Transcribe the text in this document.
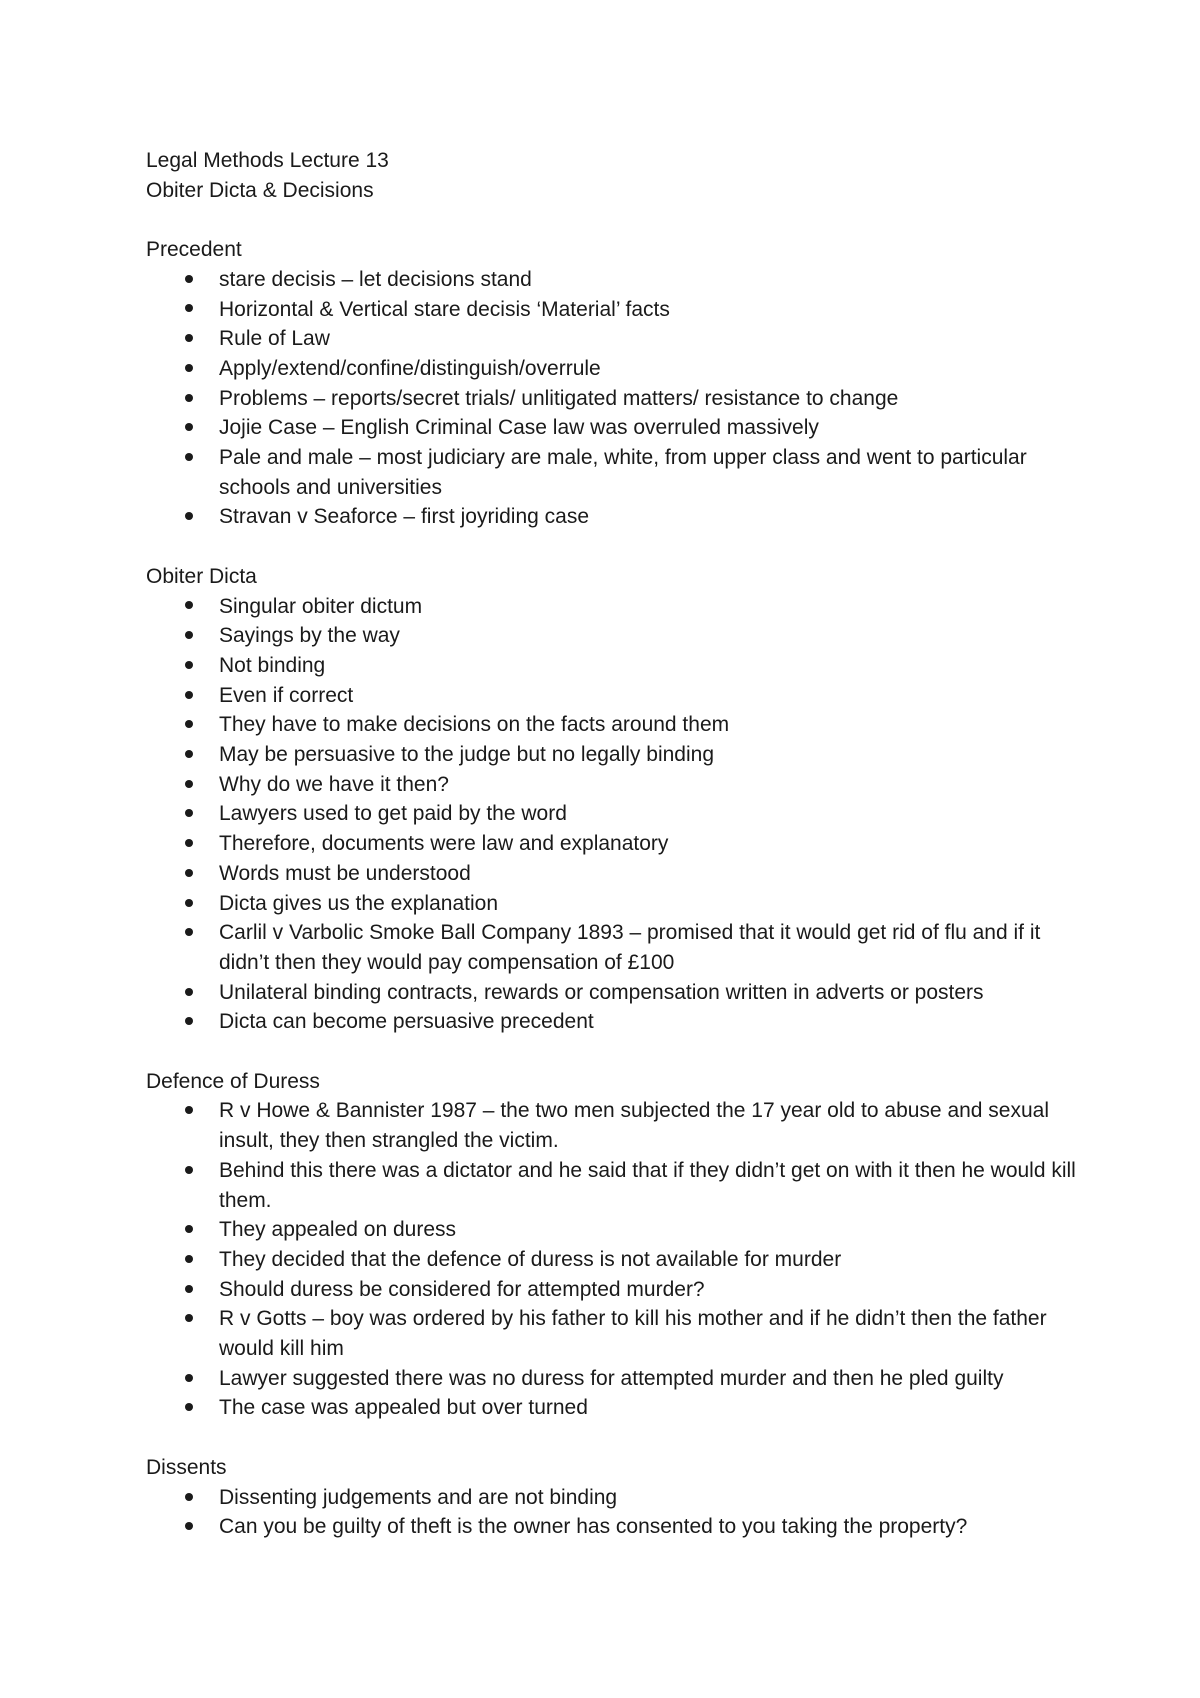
Legal Methods Lecture 13

Obiter Dicta & Decisions

Precedent

stare decisis – let decisions stand
Horizontal & Vertical stare decisis ‘Material’ facts
Rule of Law
Apply/extend/confine/distinguish/overrule
Problems – reports/secret trials/ unlitigated matters/ resistance to change
Jojie Case – English Criminal Case law was overruled massively
Pale and male – most judiciary are male, white, from upper class and went to particular schools and universities
Stravan v Seaforce – first joyriding case

Obiter Dicta

Singular obiter dictum
Sayings by the way
Not binding
Even if correct
They have to make decisions on the facts around them
May be persuasive to the judge but no legally binding
Why do we have it then?
Lawyers used to get paid by the word
Therefore, documents were law and explanatory
Words must be understood
Dicta gives us the explanation
Carlil v Varbolic Smoke Ball Company 1893 – promised that it would get rid of flu and if it didn’t then they would pay compensation of £100
Unilateral binding contracts, rewards or compensation written in adverts or posters
Dicta can become persuasive precedent

Defence of Duress

R v Howe & Bannister 1987 – the two men subjected the 17 year old to abuse and sexual insult, they then strangled the victim.
Behind this there was a dictator and he said that if they didn’t get on with it then he would kill them.
They appealed on duress
They decided that the defence of duress is not available for murder
Should duress be considered for attempted murder?
R v Gotts – boy was ordered by his father to kill his mother and if he didn’t then the father would kill him
Lawyer suggested there was no duress for attempted murder and then he pled guilty
The case was appealed but over turned

Dissents

Dissenting judgements and are not binding
Can you be guilty of theft is the owner has consented to you taking the property?
